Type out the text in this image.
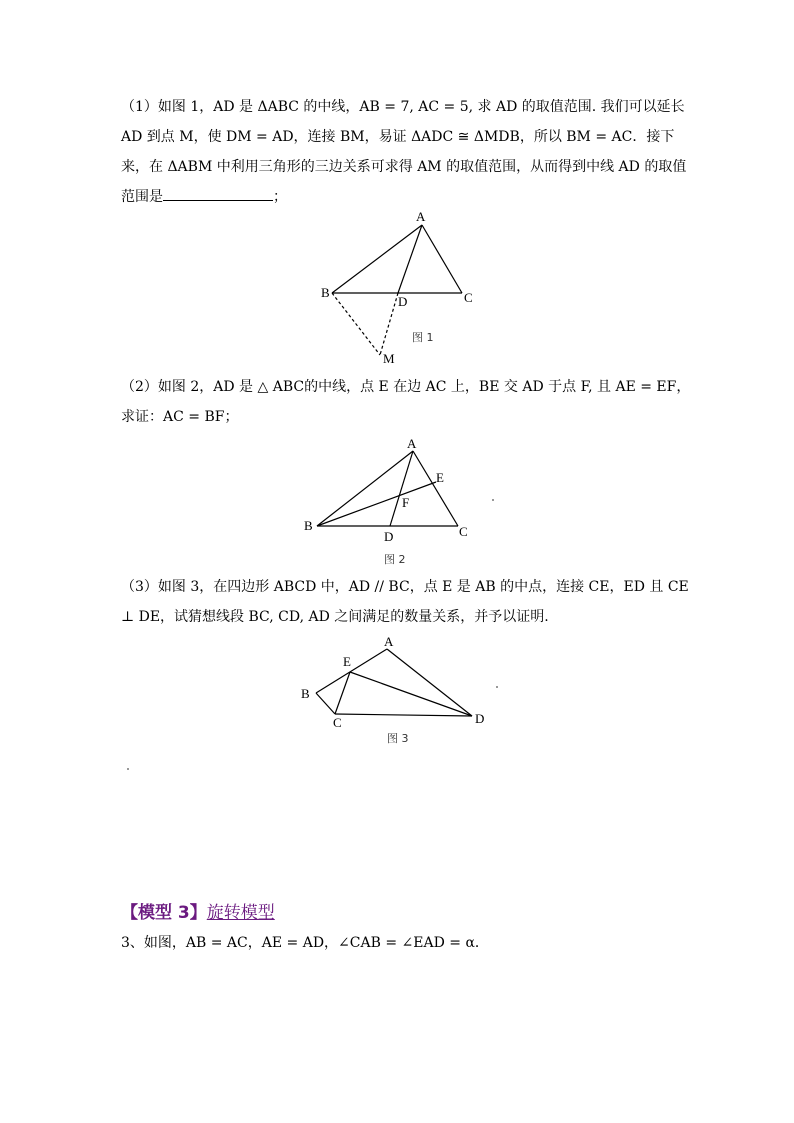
（1）如图 1，AD 是 ΔABC 的中线，AB = 7, AC = 5, 求 AD 的取值范围. 我们可以延长 AD 到点 M，使 DM = AD，连接 BM，易证 ΔADC ≅ ΔMDB，所以 BM = AC．接下来，在 ΔABM 中利用三角形的三边关系可求得 AM 的取值范围，从而得到中线 AD 的取值范围是	；
A
B	C
D
M
图 1
（2）如图 2，AD 是 △ ABC的中线，点 E 在边 AC 上，BE 交 AD 于点 F, 且 AE = EF，求证：AC = BF；
A
B	C
D
E
F
图 2
（3）如图 3，在四边形 ABCD 中，AD // BC，点 E 是 AB 的中点，连接 CE，ED 且 CE ⊥ DE，试猜想线段 BC, CD, AD 之间满足的数量关系，并予以证明.
A
B
C	D
E
图 3
【模型 3】旋转模型
3、如图，AB = AC，AE = AD，∠CAB = ∠EAD = α．
